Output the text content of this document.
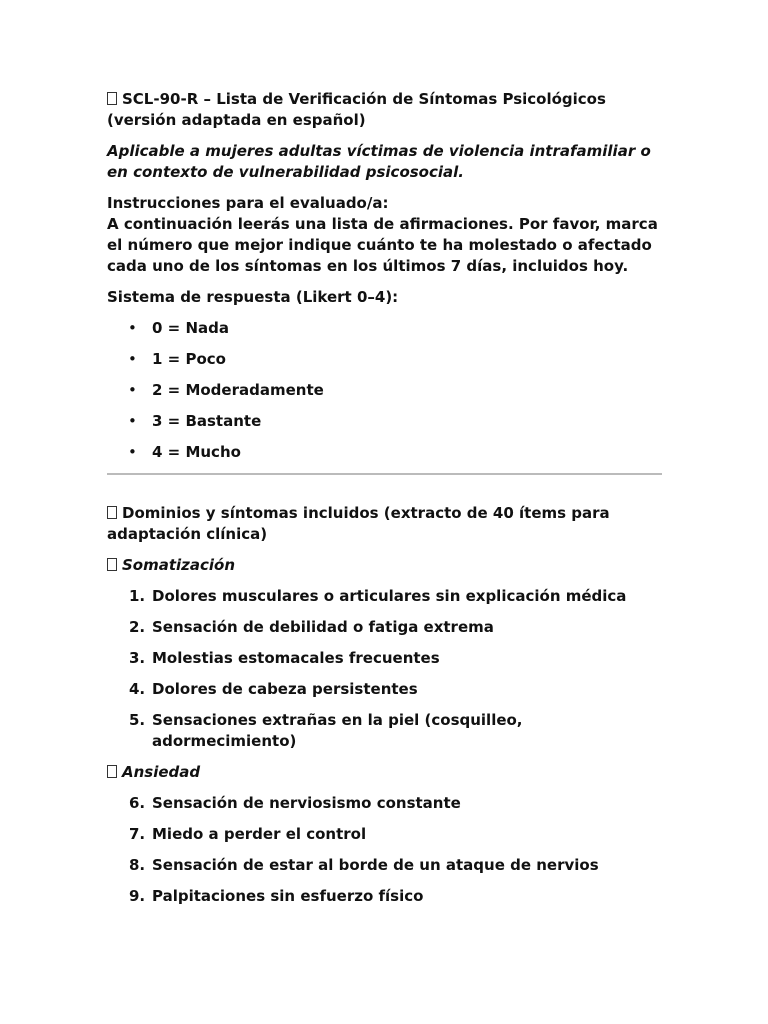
SCL-90-R – Lista de Verificación de Síntomas Psicológicos
(versión adaptada en español)

Aplicable a mujeres adultas víctimas de violencia intrafamiliar o
en contexto de vulnerabilidad psicosocial.

Instrucciones para el evaluado/a:
A continuación leerás una lista de afirmaciones. Por favor, marca
el número que mejor indique cuánto te ha molestado o afectado
cada uno de los síntomas en los últimos 7 días, incluidos hoy.

Sistema de respuesta (Likert 0–4):

• 0 = Nada
• 1 = Poco
• 2 = Moderadamente
• 3 = Bastante
• 4 = Mucho

Dominios y síntomas incluidos (extracto de 40 ítems para
adaptación clínica)

Somatización

1. Dolores musculares o articulares sin explicación médica
2. Sensación de debilidad o fatiga extrema
3. Molestias estomacales frecuentes
4. Dolores de cabeza persistentes
5. Sensaciones extrañas en la piel (cosquilleo,
adormecimiento)

Ansiedad

6. Sensación de nerviosismo constante
7. Miedo a perder el control
8. Sensación de estar al borde de un ataque de nervios
9. Palpitaciones sin esfuerzo físico
